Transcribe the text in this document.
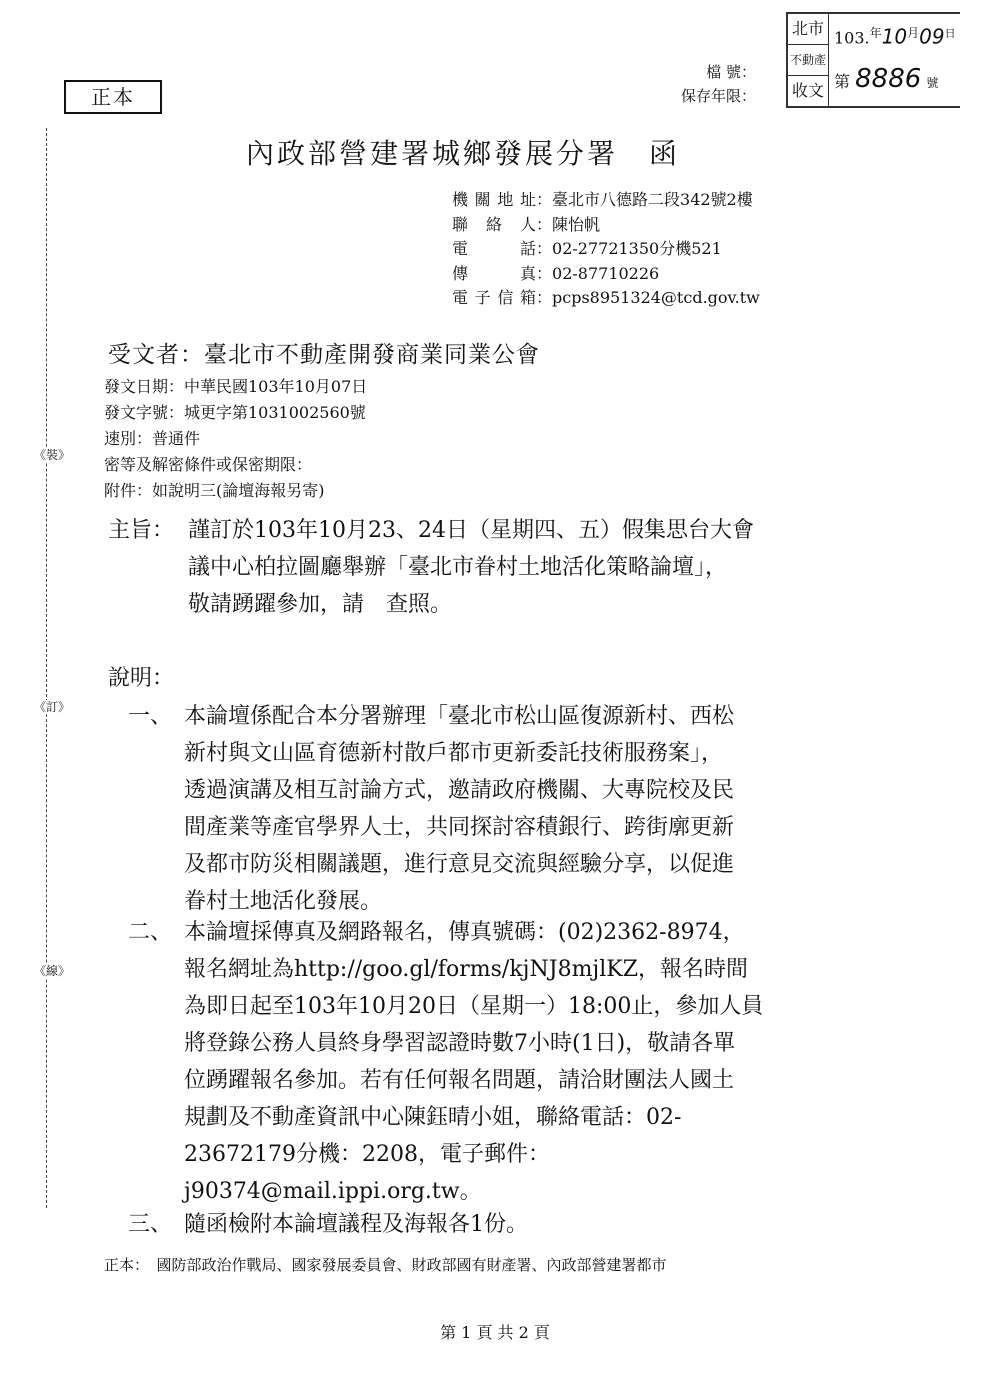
《裝》
《訂》
《線》
正本
檔 號：
保存年限：
北市
不動產
收文
$103.^年10^月09^日$
第 8886 號
內政部營建署城鄉發展分署　函
機關地址：臺北市八德路二段342號2樓
聯絡人：陳怡帆
電話：02-27721350分機521
傳真：02-87710226
電子信箱：pcps8951324@tcd.gov.tw
受文者：臺北市不動產開發商業同業公會
發文日期：中華民國103年10月07日
發文字號：城更字第1031002560號
速別：普通件
密等及解密條件或保密期限：
附件：如說明三(論壇海報另寄)
主旨： 謹訂於103年10月23、24日（星期四、五）假集思台大會
議中心柏拉圖廳舉辦「臺北市眷村土地活化策略論壇」，
敬請踴躍參加，請　查照。
說明：
一、 本論壇係配合本分署辦理「臺北市松山區復源新村、西松
新村與文山區育德新村散戶都市更新委託技術服務案」，
透過演講及相互討論方式，邀請政府機關、大專院校及民
間產業等產官學界人士，共同探討容積銀行、跨街廓更新
及都市防災相關議題，進行意見交流與經驗分享，以促進
眷村土地活化發展。
二、 本論壇採傳真及網路報名，傳真號碼：(02)2362-8974，
報名網址為http://goo.gl/forms/kjNJ8mjlKZ，報名時間
為即日起至103年10月20日（星期一）18:00止，參加人員
將登錄公務人員終身學習認證時數7小時(1日)，敬請各單
位踴躍報名參加。若有任何報名問題，請洽財團法人國土
規劃及不動產資訊中心陳鈺晴小姐，聯絡電話：02-
23672179分機：2208，電子郵件：
j90374@mail.ippi.org.tw。
三、 隨函檢附本論壇議程及海報各1份。
正本：　國防部政治作戰局、國家發展委員會、財政部國有財產署、內政部營建署都市
第 1 頁 共 2 頁
